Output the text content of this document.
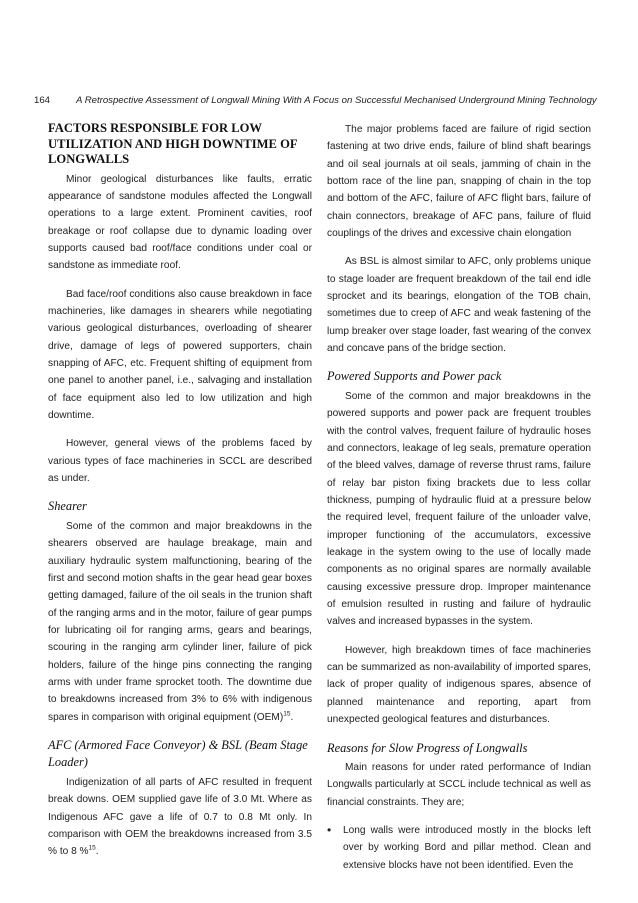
164	A Retrospective Assessment of Longwall Mining With A Focus on Successful Mechanised Underground Mining Technology
FACTORS RESPONSIBLE FOR LOW UTILIZATION AND HIGH DOWNTIME OF LONGWALLS

Minor geological disturbances like faults, erratic appearance of sandstone modules affected the Longwall operations to a large extent. Prominent cavities, roof breakage or roof collapse due to dynamic loading over supports caused bad roof/face conditions under coal or sandstone as immediate roof.

Bad face/roof conditions also cause breakdown in face machineries, like damages in shearers while negotiating various geological disturbances, overloading of shearer drive, damage of legs of powered supporters, chain snapping of AFC, etc. Frequent shifting of equipment from one panel to another panel, i.e., salvaging and installation of face equipment also led to low utilization and high downtime.

However, general views of the problems faced by various types of face machineries in SCCL are described as under.

Shearer

Some of the common and major breakdowns in the shearers observed are haulage breakage, main and auxiliary hydraulic system malfunctioning, bearing of the first and second motion shafts in the gear head gear boxes getting damaged, failure of the oil seals in the trunion shaft of the ranging arms and in the motor, failure of gear pumps for lubricating oil for ranging arms, gears and bearings, scouring in the ranging arm cylinder liner, failure of pick holders, failure of the hinge pins connecting the ranging arms with under frame sprocket tooth. The downtime due to breakdowns increased from 3% to 6% with indigenous spares in comparison with original equipment (OEM)$^{15}$.

AFC (Armored Face Conveyor) & BSL (Beam Stage Loader)

Indigenization of all parts of AFC resulted in frequent break downs. OEM supplied gave life of 3.0 Mt. Where as Indigenous AFC gave a life of 0.7 to 0.8 Mt only. In comparison with OEM the breakdowns increased from 3.5 % to 8 %$^{15}$.

The major problems faced are failure of rigid section fastening at two drive ends, failure of blind shaft bearings and oil seal journals at oil seals, jamming of chain in the bottom race of the line pan, snapping of chain in the top and bottom of the AFC, failure of AFC flight bars, failure of chain connectors, breakage of AFC pans, failure of fluid couplings of the drives and excessive chain elongation

As BSL is almost similar to AFC, only problems unique to stage loader are frequent breakdown of the tail end idle sprocket and its bearings, elongation of the TOB chain, sometimes due to creep of AFC and weak fastening of the lump breaker over stage loader, fast wearing of the convex and concave pans of the bridge section.

Powered Supports and Power pack

Some of the common and major breakdowns in the powered supports and power pack are frequent troubles with the control valves, frequent failure of hydraulic hoses and connectors, leakage of leg seals, premature operation of the bleed valves, damage of reverse thrust rams, failure of relay bar piston fixing brackets due to less collar thickness, pumping of hydraulic fluid at a pressure below the required level, frequent failure of the unloader valve, improper functioning of the accumulators, excessive leakage in the system owing to the use of locally made components as no original spares are normally available causing excessive pressure drop. Improper maintenance of emulsion resulted in rusting and failure of hydraulic valves and increased bypasses in the system.

However, high breakdown times of face machineries can be summarized as non-availability of imported spares, lack of proper quality of indigenous spares, absence of planned maintenance and reporting, apart from unexpected geological features and disturbances.

Reasons for Slow Progress of Longwalls

Main reasons for under rated performance of Indian Longwalls particularly at SCCL include technical as well as financial constraints. They are;

•	Long walls were introduced mostly in the blocks left over by working Bord and pillar method. Clean and extensive blocks have not been identified. Even the
